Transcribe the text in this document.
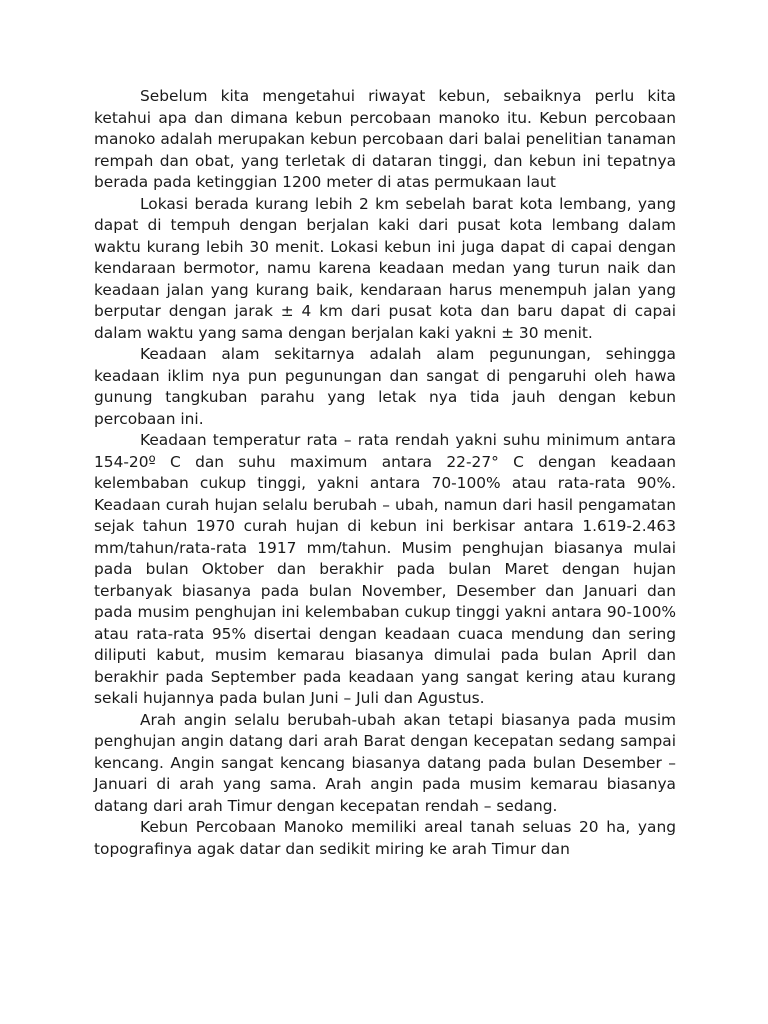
Sebelum kita mengetahui riwayat kebun, sebaiknya perlu kita ketahui apa dan dimana kebun percobaan manoko itu. Kebun percobaan manoko adalah merupakan kebun percobaan dari balai penelitian tanaman rempah dan obat, yang terletak di dataran tinggi, dan kebun ini tepatnya berada pada ketinggian 1200 meter di atas permukaan laut

Lokasi berada kurang lebih 2 km sebelah barat kota lembang, yang dapat di tempuh dengan berjalan kaki dari pusat kota lembang dalam waktu kurang lebih 30 menit. Lokasi kebun ini juga dapat di capai dengan kendaraan bermotor, namu karena keadaan medan yang turun naik dan keadaan jalan yang kurang baik, kendaraan harus menempuh jalan yang berputar dengan jarak ± 4 km dari pusat kota dan baru dapat di capai dalam waktu yang sama dengan berjalan kaki yakni ± 30 menit.

Keadaan alam sekitarnya adalah alam pegunungan, sehingga keadaan iklim nya pun pegunungan dan sangat di pengaruhi oleh hawa gunung tangkuban parahu yang letak nya tida jauh dengan kebun percobaan ini.

Keadaan temperatur rata – rata rendah yakni suhu minimum antara 154-20º C dan suhu maximum antara 22-27° C dengan keadaan kelembaban cukup tinggi, yakni antara 70-100% atau rata-rata 90%. Keadaan curah hujan selalu berubah – ubah, namun dari hasil pengamatan sejak tahun 1970 curah hujan di kebun ini berkisar antara 1.619-2.463 mm/tahun/rata-rata 1917 mm/tahun. Musim penghujan biasanya mulai pada bulan Oktober dan berakhir pada bulan Maret dengan hujan terbanyak biasanya pada bulan November, Desember dan Januari dan pada musim penghujan ini kelembaban cukup tinggi yakni antara 90-100% atau rata-rata 95% disertai dengan keadaan cuaca mendung dan sering diliputi kabut, musim kemarau biasanya dimulai pada bulan April dan berakhir pada September pada keadaan yang sangat kering atau kurang sekali hujannya pada bulan Juni – Juli dan Agustus.

Arah angin selalu berubah-ubah akan tetapi biasanya pada musim penghujan angin datang dari arah Barat dengan kecepatan sedang sampai kencang. Angin sangat kencang biasanya datang pada bulan Desember – Januari di arah yang sama. Arah angin pada musim kemarau biasanya datang dari arah Timur dengan kecepatan rendah – sedang.

Kebun Percobaan Manoko memiliki areal tanah seluas 20 ha, yang topografinya agak datar dan sedikit miring ke arah Timur dan
